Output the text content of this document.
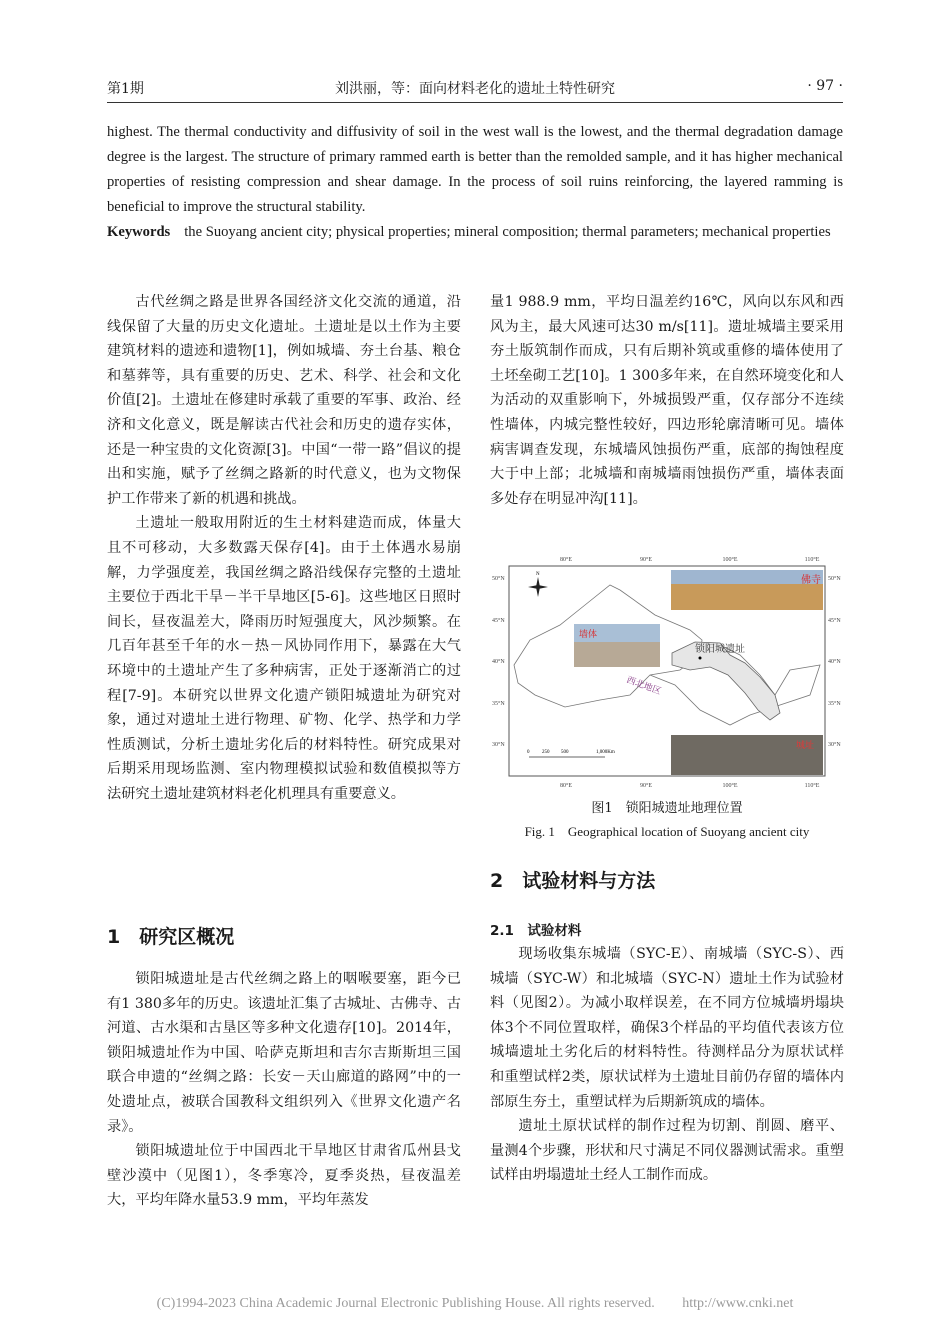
第1期	刘洪丽，等：面向材料老化的遗址土特性研究	· 97 ·
highest. The thermal conductivity and diffusivity of soil in the west wall is the lowest, and the thermal degradation damage degree is the largest. The structure of primary rammed earth is better than the remolded sample, and it has higher mechanical properties of resisting compression and shear damage. In the process of soil ruins reinforcing, the layered ramming is beneficial to improve the structural stability.
Keywords the Suoyang ancient city; physical properties; mineral composition; thermal parameters; mechanical properties

古代丝绸之路是世界各国经济文化交流的通道，沿线保留了大量的历史文化遗址。土遗址是以土作为主要建筑材料的遗迹和遗物[1]，例如城墙、夯土台基、粮仓和墓葬等，具有重要的历史、艺术、科学、社会和文化价值[2]。土遗址在修建时承载了重要的军事、政治、经济和文化意义，既是解读古代社会和历史的遗存实体，还是一种宝贵的文化资源[3]。中国“一带一路”倡议的提出和实施，赋予了丝绸之路新的时代意义，也为文物保护工作带来了新的机遇和挑战。

土遗址一般取用附近的生土材料建造而成，体量大且不可移动，大多数露天保存[4]。由于土体遇水易崩解，力学强度差，我国丝绸之路沿线保存完整的土遗址主要位于西北干旱－半干旱地区[5-6]。这些地区日照时间长，昼夜温差大，降雨历时短强度大，风沙频繁。在几百年甚至千年的水－热－风协同作用下，暴露在大气环境中的土遗址产生了多种病害，正处于逐渐消亡的过程[7-9]。本研究以世界文化遗产锁阳城遗址为研究对象，通过对遗址土进行物理、矿物、化学、热学和力学性质测试，分析土遗址劣化后的材料特性。研究成果对后期采用现场监测、室内物理模拟试验和数值模拟等方法研究土遗址建筑材料老化机理具有重要意义。

1　研究区概况

锁阳城遗址是古代丝绸之路上的咽喉要塞，距今已有1 380多年的历史。该遗址汇集了古城址、古佛寺、古河道、古水渠和古垦区等多种文化遗存[10]。2014年，锁阳城遗址作为中国、哈萨克斯坦和吉尔吉斯斯坦三国联合申遗的“丝绸之路：长安－天山廊道的路网”中的一处遗址点，被联合国教科文组织列入《世界文化遗产名录》。

锁阳城遗址位于中国西北干旱地区甘肃省瓜州县戈壁沙漠中（见图1），冬季寒冷，夏季炎热，昼夜温差大，平均年降水量53.9 mm，平均年蒸发

量1 988.9 mm，平均日温差约16℃，风向以东风和西风为主，最大风速可达30 m/s[11]。遗址城墙主要采用夯土版筑制作而成，只有后期补筑或重修的墙体使用了土坯垒砌工艺[10]。1 300多年来，在自然环境变化和人为活动的双重影响下，外城损毁严重，仅存部分不连续性墙体，内城完整性较好，四边形轮廓清晰可见。墙体病害调查发现，东城墙风蚀损伤严重，底部的掏蚀程度大于中上部；北城墙和南城墙雨蚀损伤严重，墙体表面多处存在明显冲沟[11]。

80°E	90°E	100°E	110°E
80°E	90°E	100°E	110°E
50°N
45°N
40°N
35°N
30°N
50°N
45°N
40°N
35°N
30°N
N
佛寺
墙体
城址
锁阳城遗址
西北地区
0	250 500	1,000Km
图1　锁阳城遗址地理位置
Fig. 1　Geographical location of Suoyang ancient city
2　试验材料与方法
2.1　试验材料

现场收集东城墙（SYC-E）、南城墙（SYC-S）、西城墙（SYC-W）和北城墙（SYC-N）遗址土作为试验材料（见图2）。为减小取样误差，在不同方位城墙坍塌块体3个不同位置取样，确保3个样品的平均值代表该方位城墙遗址土劣化后的材料特性。待测样品分为原状试样和重塑试样2类，原状试样为土遗址目前仍存留的墙体内部原生夯土，重塑试样为后期新筑成的墙体。

遗址土原状试样的制作过程为切割、削圆、磨平、量测4个步骤，形状和尺寸满足不同仪器测试需求。重塑试样由坍塌遗址土经人工制作而成。

(C)1994-2023 China Academic Journal Electronic Publishing House. All rights reserved. http://www.cnki.net
